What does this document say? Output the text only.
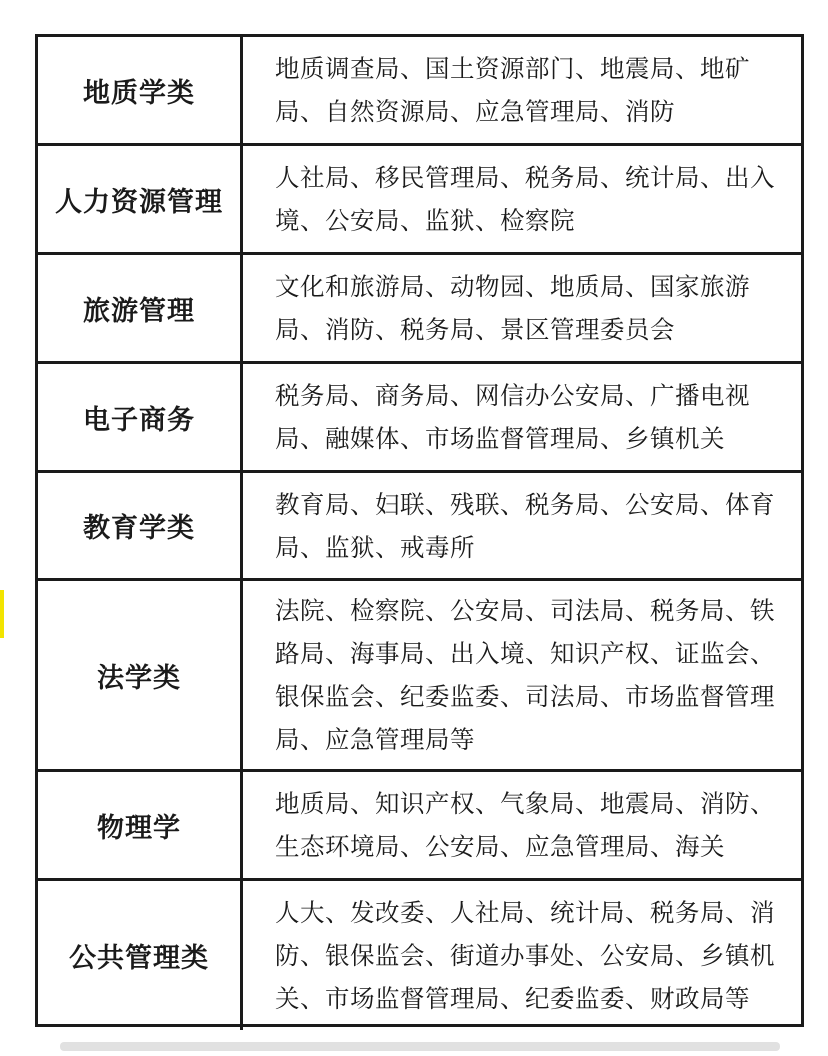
地质学类
地质调查局、国土资源部门、地震局、地矿局、自然资源局、应急管理局、消防
人力资源管理
人社局、移民管理局、税务局、统计局、出入境、公安局、监狱、检察院
旅游管理
文化和旅游局、动物园、地质局、国家旅游局、消防、税务局、景区管理委员会
电子商务
税务局、商务局、网信办公安局、广播电视局、融媒体、市场监督管理局、乡镇机关
教育学类
教育局、妇联、残联、税务局、公安局、体育局、监狱、戒毒所
法学类
法院、检察院、公安局、司法局、税务局、铁路局、海事局、出入境、知识产权、证监会、银保监会、纪委监委、司法局、市场监督管理局、应急管理局等
物理学
地质局、知识产权、气象局、地震局、消防、生态环境局、公安局、应急管理局、海关
公共管理类
人大、发改委、人社局、统计局、税务局、消防、银保监会、街道办事处、公安局、乡镇机关、市场监督管理局、纪委监委、财政局等
